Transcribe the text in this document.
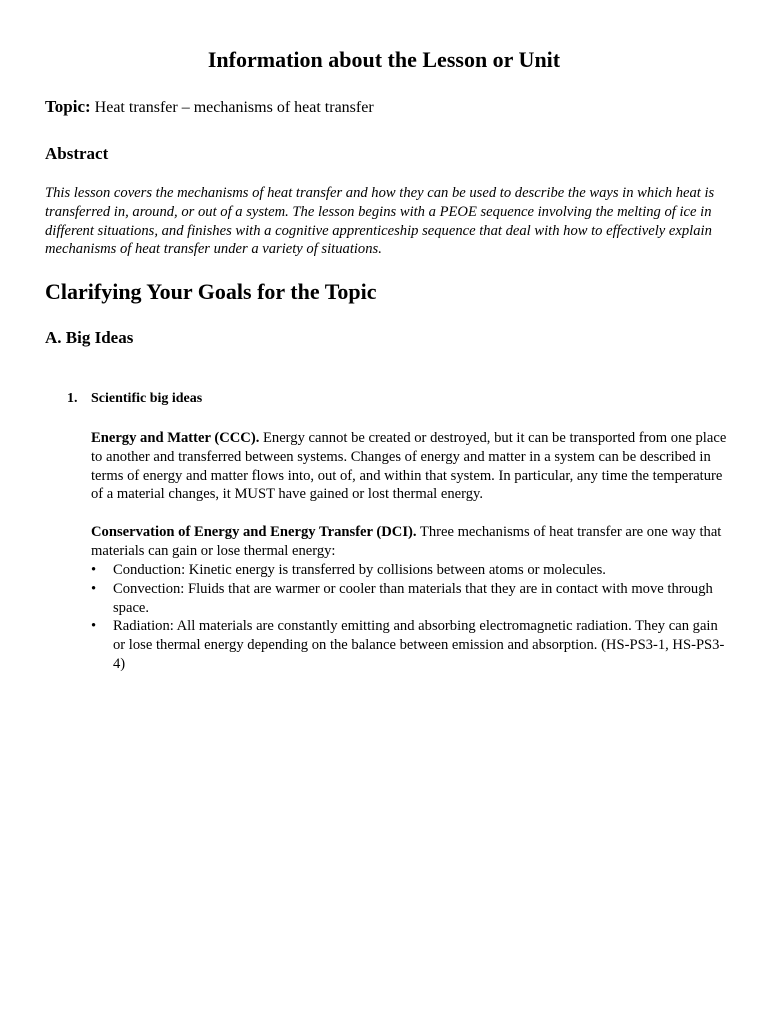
Information about the Lesson or Unit

Topic: Heat transfer – mechanisms of heat transfer

Abstract

This lesson covers the mechanisms of heat transfer and how they can be used to describe the ways in which heat is transferred in, around, or out of a system. The lesson begins with a PEOE sequence involving the melting of ice in different situations, and finishes with a cognitive apprenticeship sequence that deal with how to effectively explain mechanisms of heat transfer under a variety of situations.

Clarifying Your Goals for the Topic
A. Big Ideas

1. Scientific big ideas

Energy and Matter (CCC). Energy cannot be created or destroyed, but it can be transported from one place to another and transferred between systems. Changes of energy and matter in a system can be described in terms of energy and matter flows into, out of, and within that system. In particular, any time the temperature of a material changes, it MUST have gained or lost thermal energy.

Conservation of Energy and Energy Transfer (DCI). Three mechanisms of heat transfer are one way that materials can gain or lose thermal energy:

• Conduction: Kinetic energy is transferred by collisions between atoms or molecules.
• Convection: Fluids that are warmer or cooler than materials that they are in contact with move through space.
• Radiation: All materials are constantly emitting and absorbing electromagnetic radiation. They can gain or lose thermal energy depending on the balance between emission and absorption. (HS-PS3-1, HS-PS3-4)
